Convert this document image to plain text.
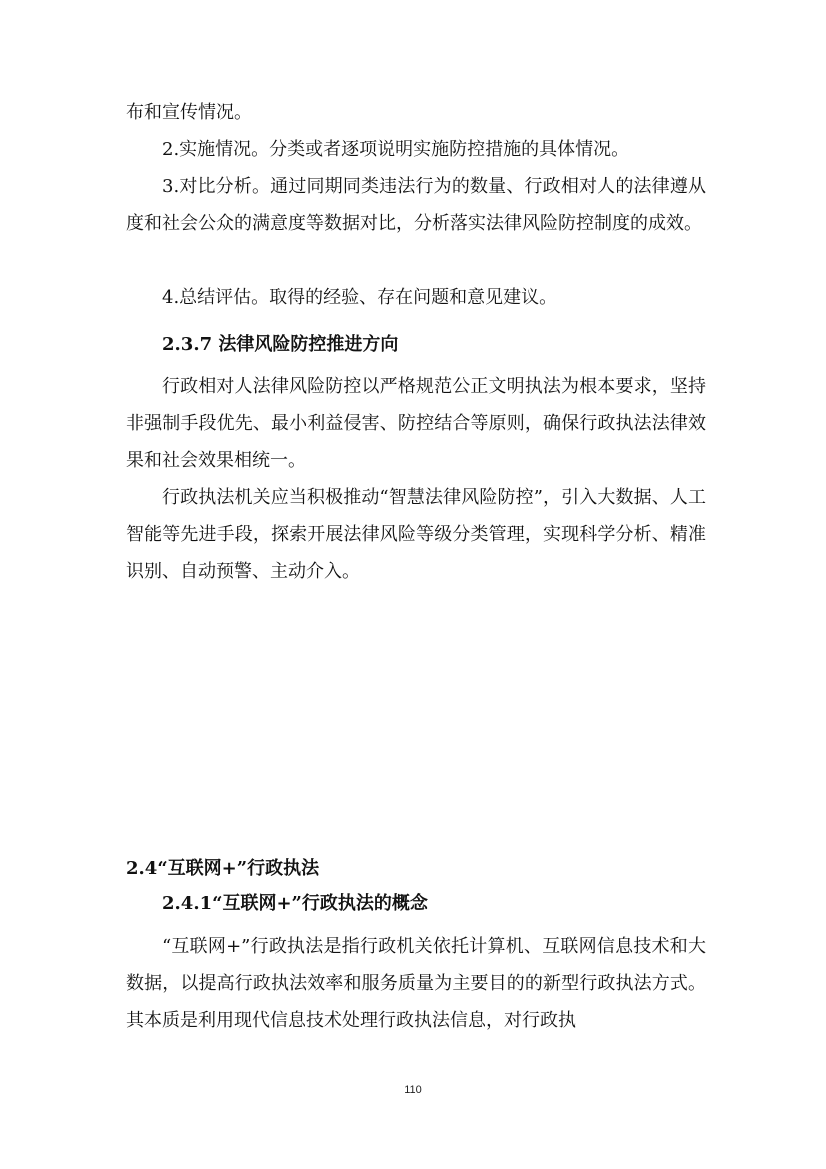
布和宣传情况。

2.实施情况。分类或者逐项说明实施防控措施的具体情况。

3.对比分析。通过同期同类违法行为的数量、行政相对人的法律遵从度和社会公众的满意度等数据对比，分析落实法律风险防控制度的成效。

4.总结评估。取得的经验、存在问题和意见建议。

2.3.7 法律风险防控推进方向

行政相对人法律风险防控以严格规范公正文明执法为根本要求，坚持非强制手段优先、最小利益侵害、防控结合等原则，确保行政执法法律效果和社会效果相统一。

行政执法机关应当积极推动“智慧法律风险防控”，引入大数据、人工智能等先进手段，探索开展法律风险等级分类管理，实现科学分析、精准识别、自动预警、主动介入。

2.4“互联网+”行政执法
2.4.1“互联网+”行政执法的概念

“互联网+”行政执法是指行政机关依托计算机、互联网信息技术和大数据，以提高行政执法效率和服务质量为主要目的的新型行政执法方式。其本质是利用现代信息技术处理行政执法信息，对行政执

110
